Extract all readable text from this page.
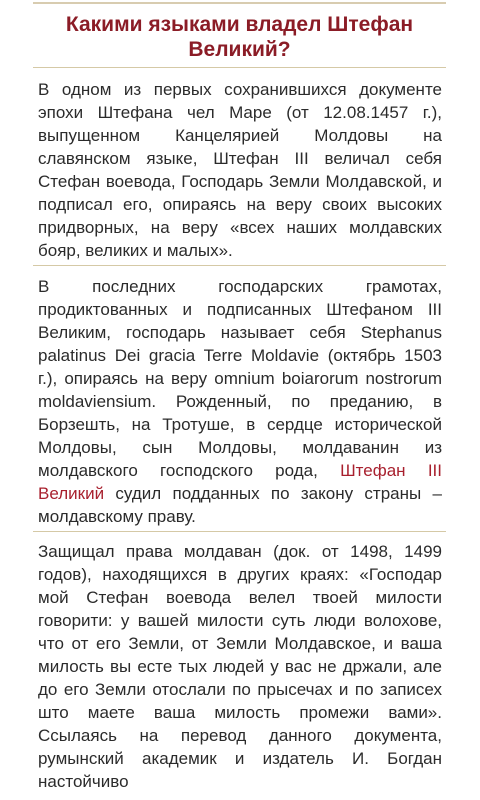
Какими языками владел Штефан Великий?

В одном из первых сохранившихся документе эпохи Штефана чел Маре (от 12.08.1457 г.), выпущенном Канцелярией Молдовы на славянском языке, Штефан III величал себя Стефан воевода, Господарь Земли Молдавской, и подписал его, опираясь на веру своих высоких придворных, на веру «всех наших молдавских бояр, великих и малых».

В последних господарских грамотах, продиктованных и подписанных Штефаном III Великим, господарь называет себя Stephanus palatinus Dei gracia Terre Moldavie (октябрь 1503 г.), опираясь на веру omnium boiarorum nostrorum moldaviensium. Рожденный, по преданию, в Борзешть, на Тротуше, в сердце исторической Молдовы, сын Молдовы, молдаванин из молдавского господского рода, Штефан III Великий судил подданных по закону страны – молдавскому праву.

Защищал права молдаван (док. от 1498, 1499 годов), находящихся в других краях: «Господар мой Стефан воевода велел твоей милости говорити: у вашей милости суть люди волохове, что от его Земли, от Земли Молдавское, и ваша милость вы есте тых людей у вас не држали, але до его Земли отослали по прысечах и по записех што маете ваша милость промежи вами». Ссылаясь на перевод данного документа, румынский академик и издатель И. Богдан настойчиво
